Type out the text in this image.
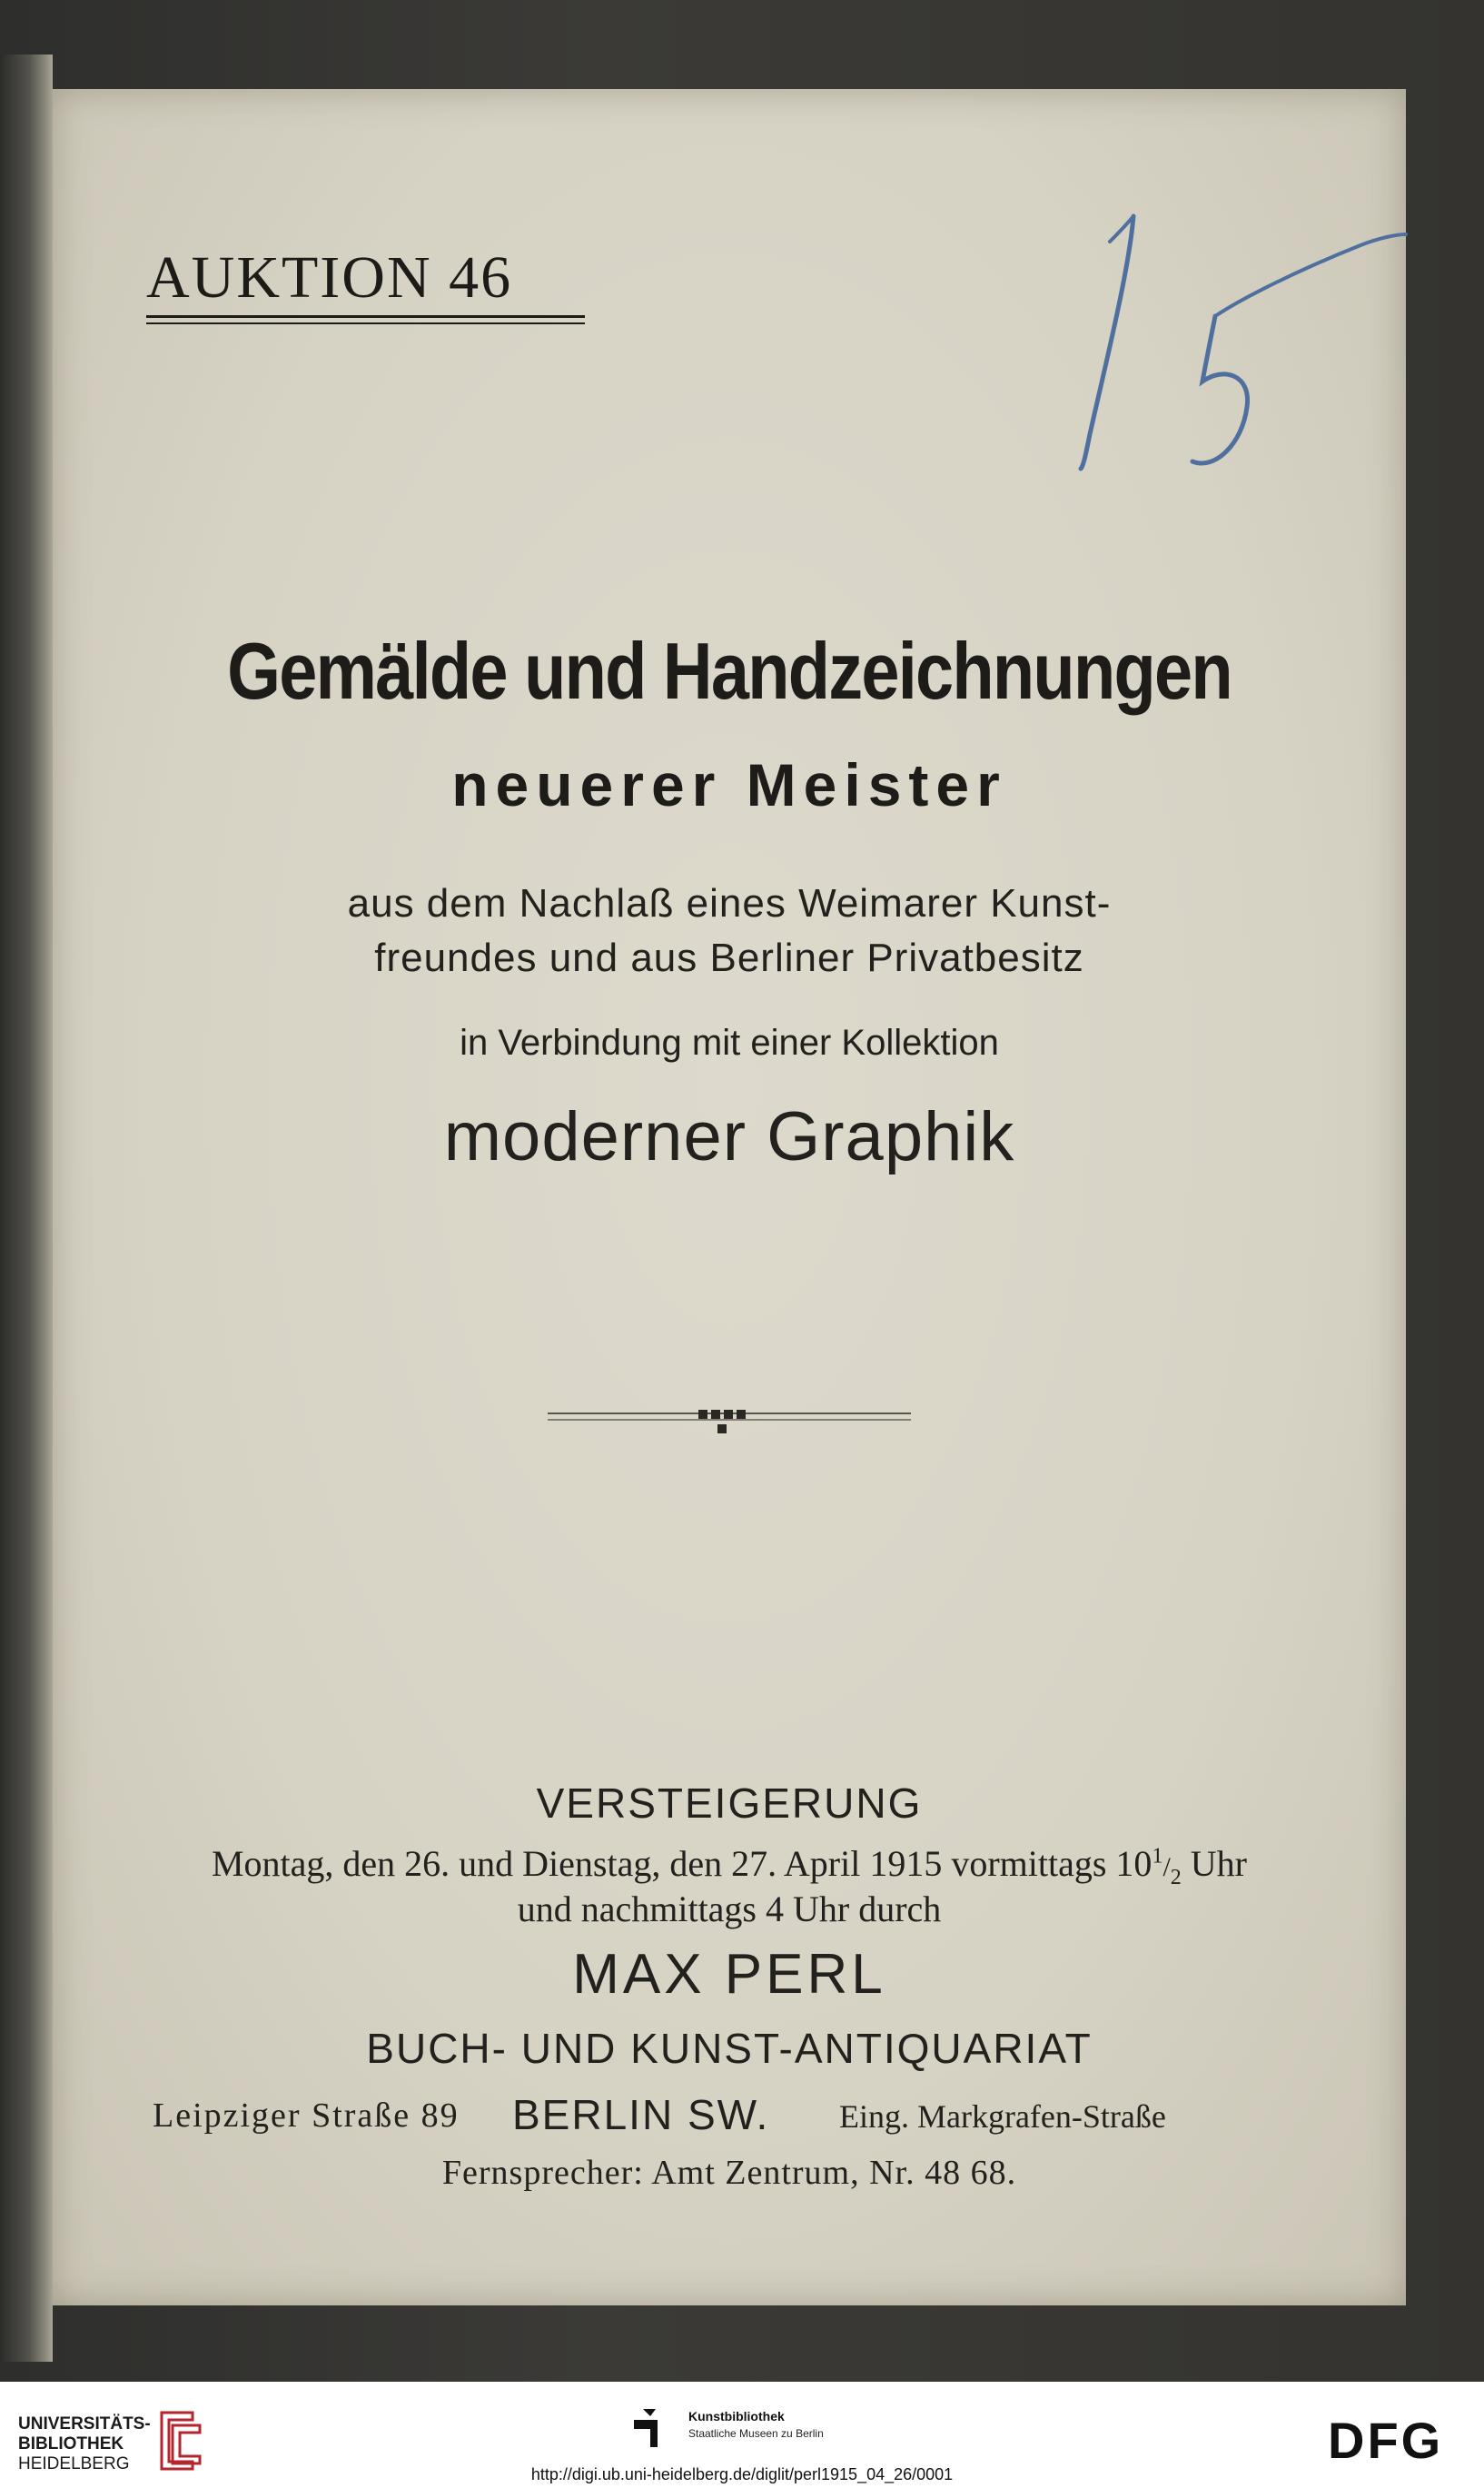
AUKTION 46
Gemälde und Handzeichnungen
neuerer Meister
aus dem Nachlaß eines Weimarer Kunst-
freundes und aus Berliner Privatbesitz
in Verbindung mit einer Kollektion
moderner Graphik
VERSTEIGERUNG
Montag, den 26. und Dienstag, den 27. April 1915 vormittags $10^1/_2$ Uhr
und nachmittags 4 Uhr durch
MAX PERL
BUCH- UND KUNST-ANTIQUARIAT
Leipziger Straße 89 BERLIN SW. Eing. Markgrafen-Straße
Fernsprecher: Amt Zentrum, Nr. 48 68.
UNIVERSITÄTS-
BIBLIOTHEK
HEIDELBERG
Kunstbibliothek
Staatliche Museen zu Berlin
http://digi.ub.uni-heidelberg.de/diglit/perl1915_04_26/0001
DFG
